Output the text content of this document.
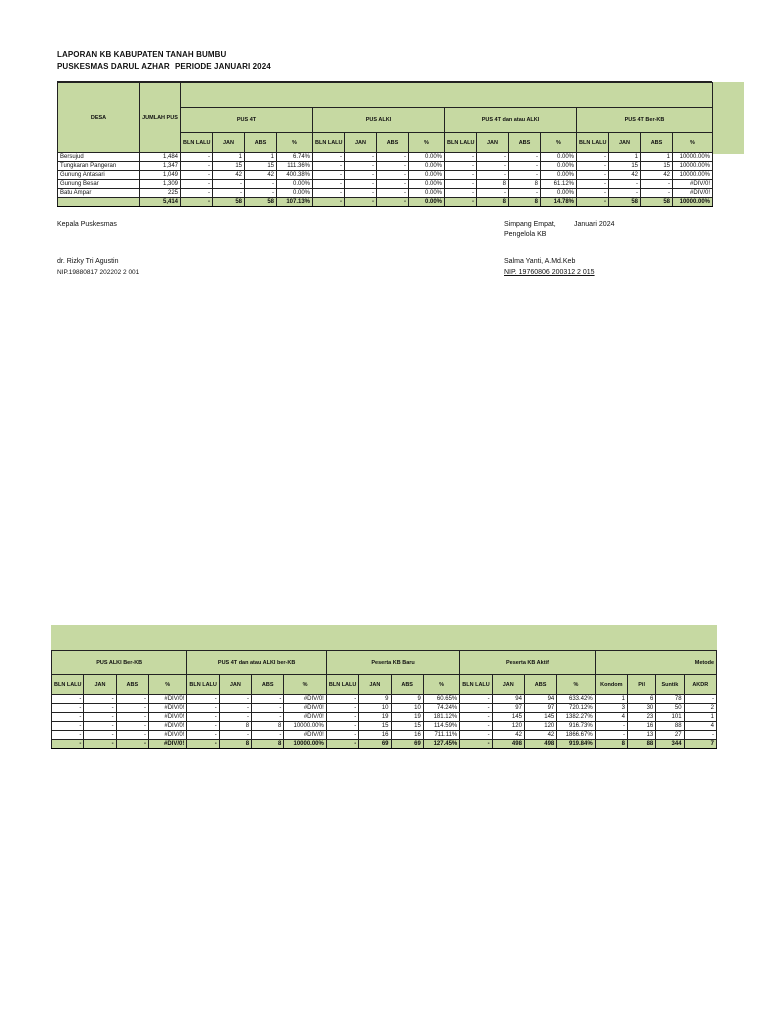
LAPORAN KB KABUPATEN TANAH BUMBU
PUSKESMAS DARUL AZHAR PERIODE JANUARI 2024
DESA	JUMLAH PUS																
		PUS 4T				PUS ALKI				PUS 4T dan atau ALKI				PUS 4T Ber-KB			
		BLN LALU	JAN	ABS	%	BLN LALU	JAN	ABS	%	BLN LALU	JAN	ABS	%	BLN LALU	JAN	ABS	%
Bersujud	1,484	-	1	1	6.74%	-	-	-	0.00%	-	-	-	0.00%	-	1	1	10000.00%
Tungkaran Pangeran	1,347	-	15	15	111.36%	-	-	-	0.00%	-	-	-	0.00%	-	15	15	10000.00%
Gunung Antasari	1,049	-	42	42	400.38%	-	-	-	0.00%	-	-	-	0.00%	-	42	42	10000.00%
Gunung Besar	1,309	-	-	-	0.00%	-	-	-	0.00%	-	8	8	61.12%	-	-	-	#DIV/0!
Batu Ampar	225	-	-	-	0.00%	-	-	-	0.00%	-	-	-	0.00%	-	-	-	#DIV/0!
	5,414	-	58	58	107.13%	-	-	-	0.00%	-	8	8	14.78%	-	58	58	10000.00%
Kepala Puskesmas
dr. Rizky Tri Agustin
NIP.19880817 202202 2 001
Simpang Empat,	Januari 2024
Pengelola KB
Salma Yanti, A.Md.Keb
NIP. 19760806 200312 2 015
PUS ALKI Ber-KB				PUS 4T dan atau ALKI ber-KB				Peserta KB Baru				Peserta KB Aktif				Metode			
BLN LALU	JAN	ABS	%	BLN LALU	JAN	ABS	%	BLN LALU	JAN	ABS	%	BLN LALU	JAN	ABS	%	Kondom	Pil	Suntik	AKDR
-	-	-	#DIV/0!	-	-	-	#DIV/0!	-	9	9	60.65%	-	94	94	633.42%	1	6	78	-
-	-	-	#DIV/0!	-	-	-	#DIV/0!	-	10	10	74.24%	-	97	97	720.12%	3	30	50	2
-	-	-	#DIV/0!	-	-	-	#DIV/0!	-	19	19	181.12%	-	145	145	1382.27%	4	23	101	1
-	-	-	#DIV/0!	-	8	8	10000.00%	-	15	15	114.59%	-	120	120	916.73%	-	16	88	4
-	-	-	#DIV/0!	-	-	-	#DIV/0!	-	16	16	711.11%	-	42	42	1866.67%	-	13	27	-
-	-	-	#DIV/0!	-	8	8	10000.00%	-	69	69	127.45%	-	498	498	919.84%	8	88	344	7
